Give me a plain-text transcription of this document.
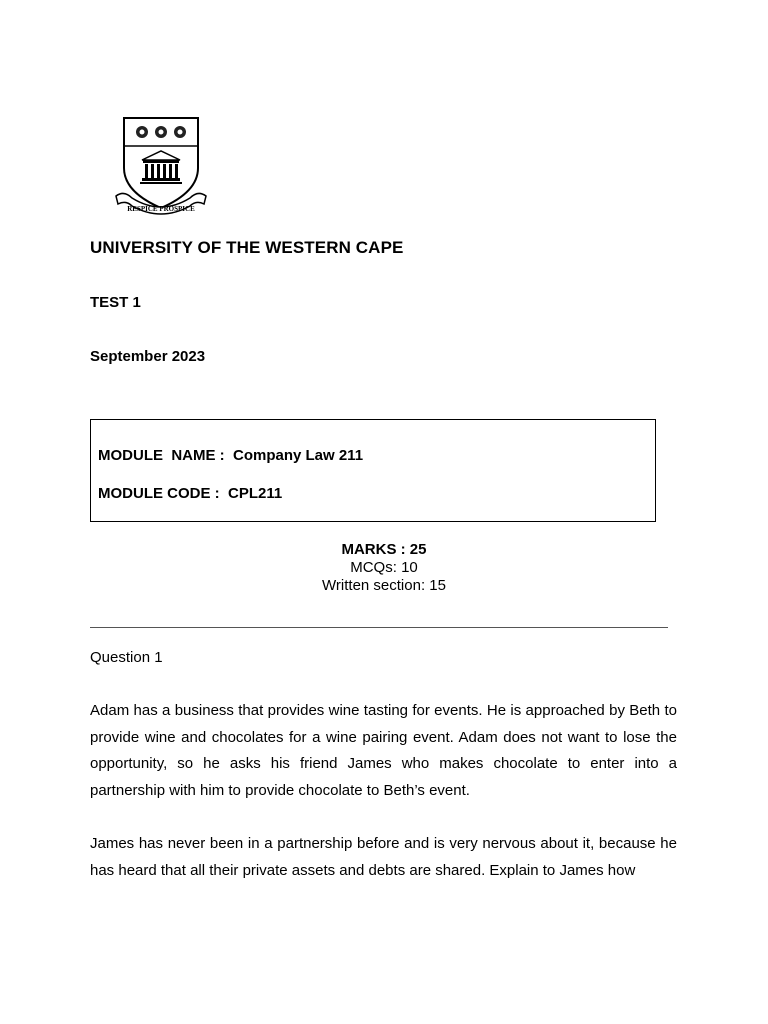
RESPICE PROSPICE
UNIVERSITY OF THE WESTERN CAPE
TEST 1
September 2023
MODULE  NAME :  Company Law 211
MODULE CODE :  CPL211
MARKS : 25
MCQs: 10
Written section: 15
Question 1

Adam has a business that provides wine tasting for events. He is approached by Beth to provide wine and chocolates for a wine pairing event. Adam does not want to lose the opportunity, so he asks his friend James who makes chocolate to enter into a partnership with him to provide chocolate to Beth’s event.

James has never been in a partnership before and is very nervous about it, because he has heard that all their private assets and debts are shared. Explain to James how
